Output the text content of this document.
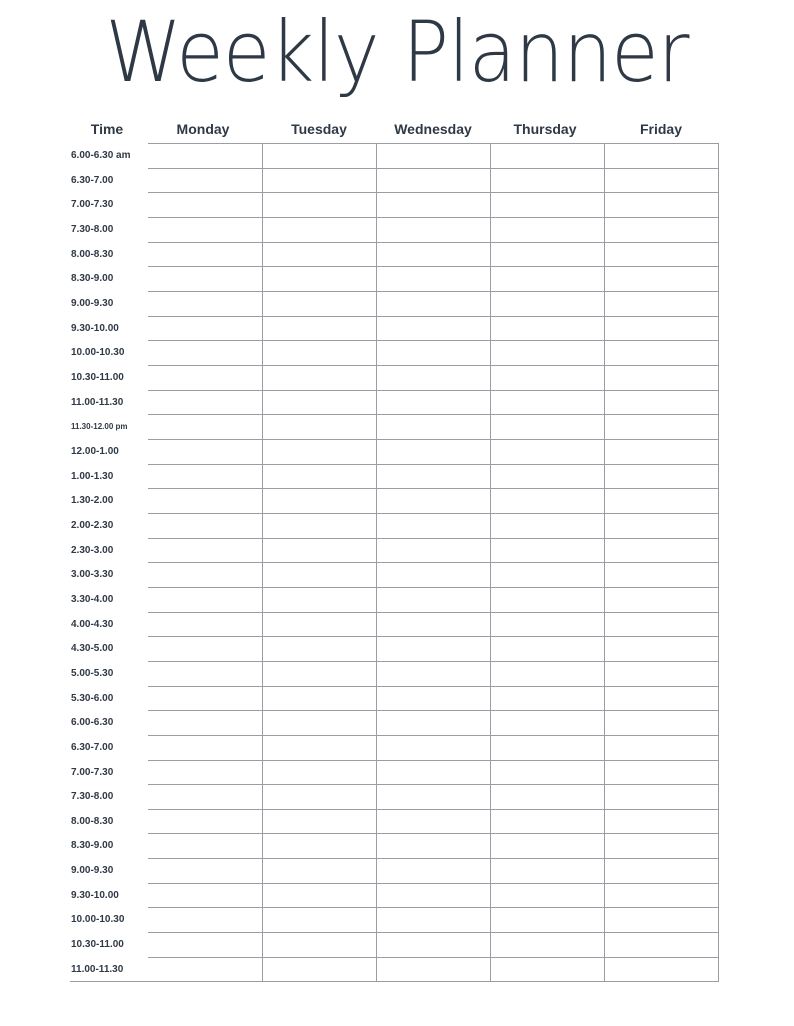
Weekly Planner
Time	Monday	Tuesday	Wednesday	Thursday	Friday
6.00-6.30 am
6.30-7.00
7.00-7.30
7.30-8.00
8.00-8.30
8.30-9.00
9.00-9.30
9.30-10.00
10.00-10.30
10.30-11.00
11.00-11.30
11.30-12.00 pm
12.00-1.00
1.00-1.30
1.30-2.00
2.00-2.30
2.30-3.00
3.00-3.30
3.30-4.00
4.00-4.30
4.30-5.00
5.00-5.30
5.30-6.00
6.00-6.30
6.30-7.00
7.00-7.30
7.30-8.00
8.00-8.30
8.30-9.00
9.00-9.30
9.30-10.00
10.00-10.30
10.30-11.00
11.00-11.30
